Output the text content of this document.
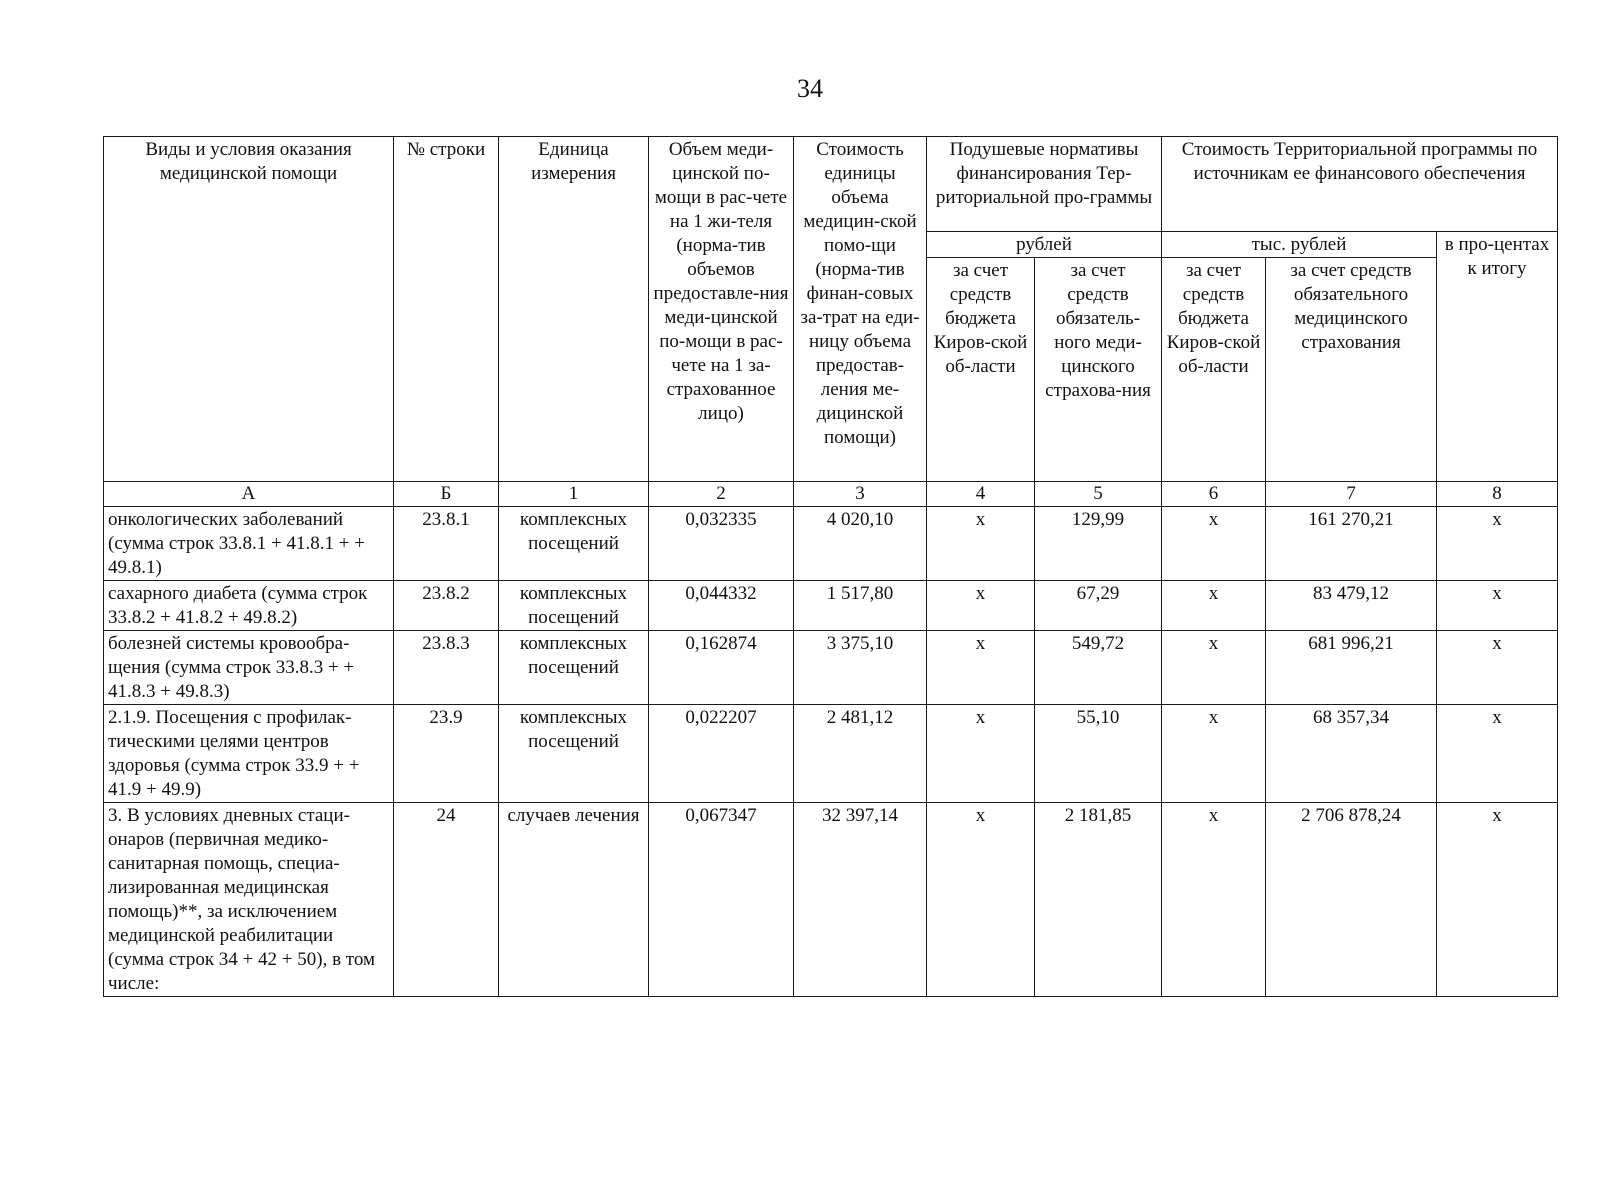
34
Виды и условия оказания медицинской помощи	№ строки	Единица измерения	Объем меди-цинской по-мощи в рас-чете на 1 жи-теля (норма-тив объемов предоставле-ния меди-цинской по-мощи в рас-чете на 1 за-страхованное лицо)	Стоимость единицы объема медицин-ской помо-щи (норма-тив финан-совых за-трат на еди-ницу объема предостав-ления ме-дицинской помощи)	Подушевые нормативы финансирования Тер-риториальной про-граммы		Стоимость Территориальной программы по источникам ее финансового обеспечения		
					рублей		тыс. рублей		в про-центах к итогу
					за счет средств бюджета Киров-ской об-ласти	за счет средств обязатель-ного меди-цинского страхова-ния	за счет средств бюджета Киров-ской об-ласти	за счет средств обязательного медицинского страхования	
А	Б	1	2	3	4	5	6	7	8
онкологических заболеваний (сумма строк 33.8.1 + 41.8.1 + + 49.8.1)	23.8.1	комплексных посещений	0,032335	4 020,10	х	129,99	х	161 270,21	х
сахарного диабета (сумма строк 33.8.2 + 41.8.2 + 49.8.2)	23.8.2	комплексных посещений	0,044332	1 517,80	х	67,29	х	83 479,12	х
болезней системы кровообра-щения (сумма строк 33.8.3 + + 41.8.3 + 49.8.3)	23.8.3	комплексных посещений	0,162874	3 375,10	х	549,72	х	681 996,21	х
2.1.9. Посещения с профилак-тическими целями центров здоровья (сумма строк 33.9 + + 41.9 + 49.9)	23.9	комплексных посещений	0,022207	2 481,12	х	55,10	х	68 357,34	х
3. В условиях дневных стаци-онаров (первичная медико-санитарная помощь, специа-лизированная медицинская помощь)**, за исключением медицинской реабилитации (сумма строк 34 + 42 + 50), в том числе:	24	случаев лечения	0,067347	32 397,14	х	2 181,85	х	2 706 878,24	х
